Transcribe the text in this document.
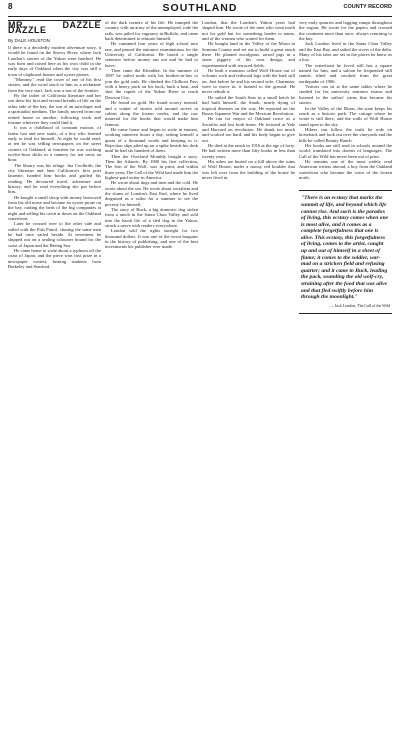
8	SOUTHLAND	COUNTY RECORD
MR. DAZZLE DAZZLE
By DALE HOUSTON

If there is a decidedly modern adventure story, it would be found on the Snowy River, where Jack London's stories of the Yukon were hatched. He was born and raised here as his own child in the early days of Oakland when the city was still a town of clapboard houses and oyster pirates.

"Mommy," read the cover of one of his first stories, and the word stuck to him as a nickname from the very start. Jack was a son of the frontier.

By the father of California literature and her son drew his first and second breaths of life on the other side of the bay, the son of an astrologer and a spiritualist medium. The family moved from one rented house to another, following work and fortune wherever they could find it.

It was a childhood of constant motion, of farms lost and new starts, of a boy who learned early to fend for himself. At eight he could read; at ten he was selling newspapers on the street corners of Oakland; at fourteen he was working twelve-hour shifts in a cannery for ten cents an hour.

The library was his refuge. Ina Coolbrith, the city librarian and later California's first poet laureate, handed him books and guided his reading. He devoured travel, adventure and history, and he read everything she put before him.

He bought a small sloop with money borrowed from his old nurse and became an oyster pirate on the bay, raiding the beds of the big companies at night and selling his catch at dawn on the Oakland waterfront.

Later he crossed over to the other side and sailed with the Fish Patrol, chasing the same men he had once sailed beside. At seventeen he shipped out on a sealing schooner bound for the coast of Japan and the Bering Sea.

He came home to write about a typhoon off the coast of Japan, and the piece won first prize in a newspaper contest, beating students from Berkeley and Stanford.

of the dark corners of his life. He tramped the country with an army of the unemployed, rode the rails, was jailed for vagrancy in Buffalo, and came back determined to educate himself.

He crammed four years of high school into one, and passed the entrance examinations for the University of California. He lasted a single semester before money ran out and he had to leave.

Then came the Klondike. In the summer of 1897 he sailed north with his brother-in-law to join the gold rush. He climbed the Chilkoot Pass with a heavy pack on his back, built a boat, and shot the rapids of the Yukon River to reach Dawson City.

He found no gold. He found scurvy instead, and a winter of stories told around stoves in cabins along the frozen creeks, and the raw material for the books that would make him famous.

He came home and began to write in earnest, working nineteen hours a day, setting himself a quota of a thousand words and keeping to it. Rejection slips piled up on a spike beside his desk until he had six hundred of them.

Then the Overland Monthly bought a story. Then the Atlantic. By 1900 his first collection, The Son of the Wolf, was in print, and within three years The Call of the Wild had made him the highest-paid writer in America.

He wrote about dogs and men and the cold. He wrote about the sea. He wrote about socialism and the slums of London's East End, where he lived disguised as a sailor for a summer to see the poverty for himself.

The story of Buck, a big domestic dog stolen from a ranch in the Santa Clara Valley and sold into the harsh life of a sled dog in the Yukon, struck a nerve with readers everywhere.

London sold the rights outright for two thousand dollars. It was one of the worst bargains in the history of publishing, and one of the best investments his publisher ever made.

London, that the London's Yukon years had shaped him. He wrote of the men who went north not for gold but for something harder to name, and of the women who waited for them.

He bought land in the Valley of the Moon in Sonoma County and set out to build a great ranch there. He planted eucalyptus, raised pigs in a stone piggery of his own design, and experimented with terraced fields.

He built a mansion called Wolf House out of volcanic rock and redwood logs with the bark still on. Just before he and his second wife, Charmian, were to move in, it burned to the ground. He never rebuilt it.

He sailed the South Seas in a small ketch he had built himself, the Snark, nearly dying of tropical diseases on the way. He reported on the Russo-Japanese War and the Mexican Revolution.

He ran for mayor of Oakland twice as a Socialist and lost both times. He lectured at Yale and Harvard on revolution. He drank too much and worked too hard, and his body began to give out.

He died at the ranch in 1916 at the age of forty. He had written more than fifty books in less than twenty years.

His ashes are buried on a hill above the ruins of Wolf House, under a mossy red boulder that was left over from the building of the house he never lived in.

very early quarries and logging camps throughout the region. He wrote for the papers and crossed the continent more than once, always returning to the bay.

Jack London lived in the Santa Clara Valley and the East Bay, and sailed the rivers of the delta. Many of his tales are set in the places he knew as a boy.

The waterfront he loved still has a square named for him, and a saloon he frequented still stands, tilted and crooked from the great earthquake of 1906.

Visitors can sit at the same tables where he studied for his university entrance exams and listened to the sailors' yarns that became his stories.

In the Valley of the Moon, the state keeps his ranch as a historic park. The cottage where he wrote is still there, and the walls of Wolf House stand open to the sky.

Hikers can follow the trails he rode on horseback and look out over the vineyards and the hills he called Beauty Ranch.

His books are still read in schools around the world, translated into dozens of languages. The Call of the Wild has never been out of print.

He remains one of the most widely read American writers abroad, a boy from the Oakland waterfront who became the voice of the frozen north.

"There is an ecstasy that marks the summit of life, and beyond which life cannot rise. And such is the paradox of living, this ecstasy comes when one is most alive, and it comes as a complete forgetfulness that one is alive. This ecstasy, this forgetfulness of living, comes to the artist, caught up and out of himself in a sheet of flame; it comes to the soldier, war-mad on a stricken field and refusing quarter; and it came to Buck, leading the pack, sounding the old wolf-cry, straining after the food that was alive and that fled swiftly before him through the moonlight."
— Jack London, The Call of the Wild
